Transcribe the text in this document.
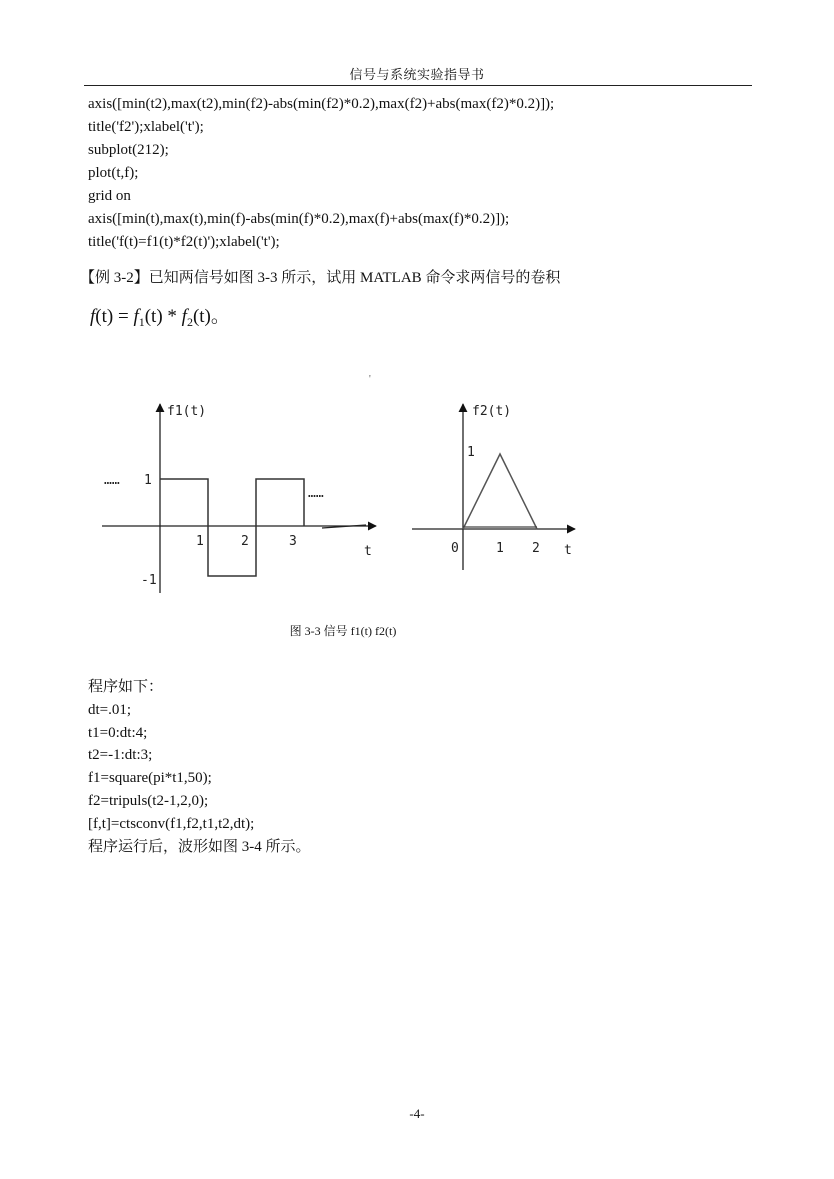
信号与系统实验指导书
axis([min(t2),max(t2),min(f2)-abs(min(f2)*0.2),max(f2)+abs(max(f2)*0.2)]);
title('f2');xlabel('t');
subplot(212);
plot(t,f);
grid on
axis([min(t),max(t),min(f)-abs(min(f)*0.2),max(f)+abs(max(f)*0.2)]);
title('f(t)=f1(t)*f2(t)');xlabel('t');
【例 3-2】已知两信号如图 3-3 所示，试用 MATLAB 命令求两信号的卷积
$f(t) = f_1(t) * f_2(t)$。
'
f1(t)
1
-1
1	2	3
t
……
……
f2(t)
1
0	1 2 t
图 3-3 信号 f1(t) f2(t)
程序如下：
dt=.01;
t1=0:dt:4;
t2=-1:dt:3;
f1=square(pi*t1,50);
f2=tripuls(t2-1,2,0);
[f,t]=ctsconv(f1,f2,t1,t2,dt);
程序运行后，波形如图 3-4 所示。
-4-
